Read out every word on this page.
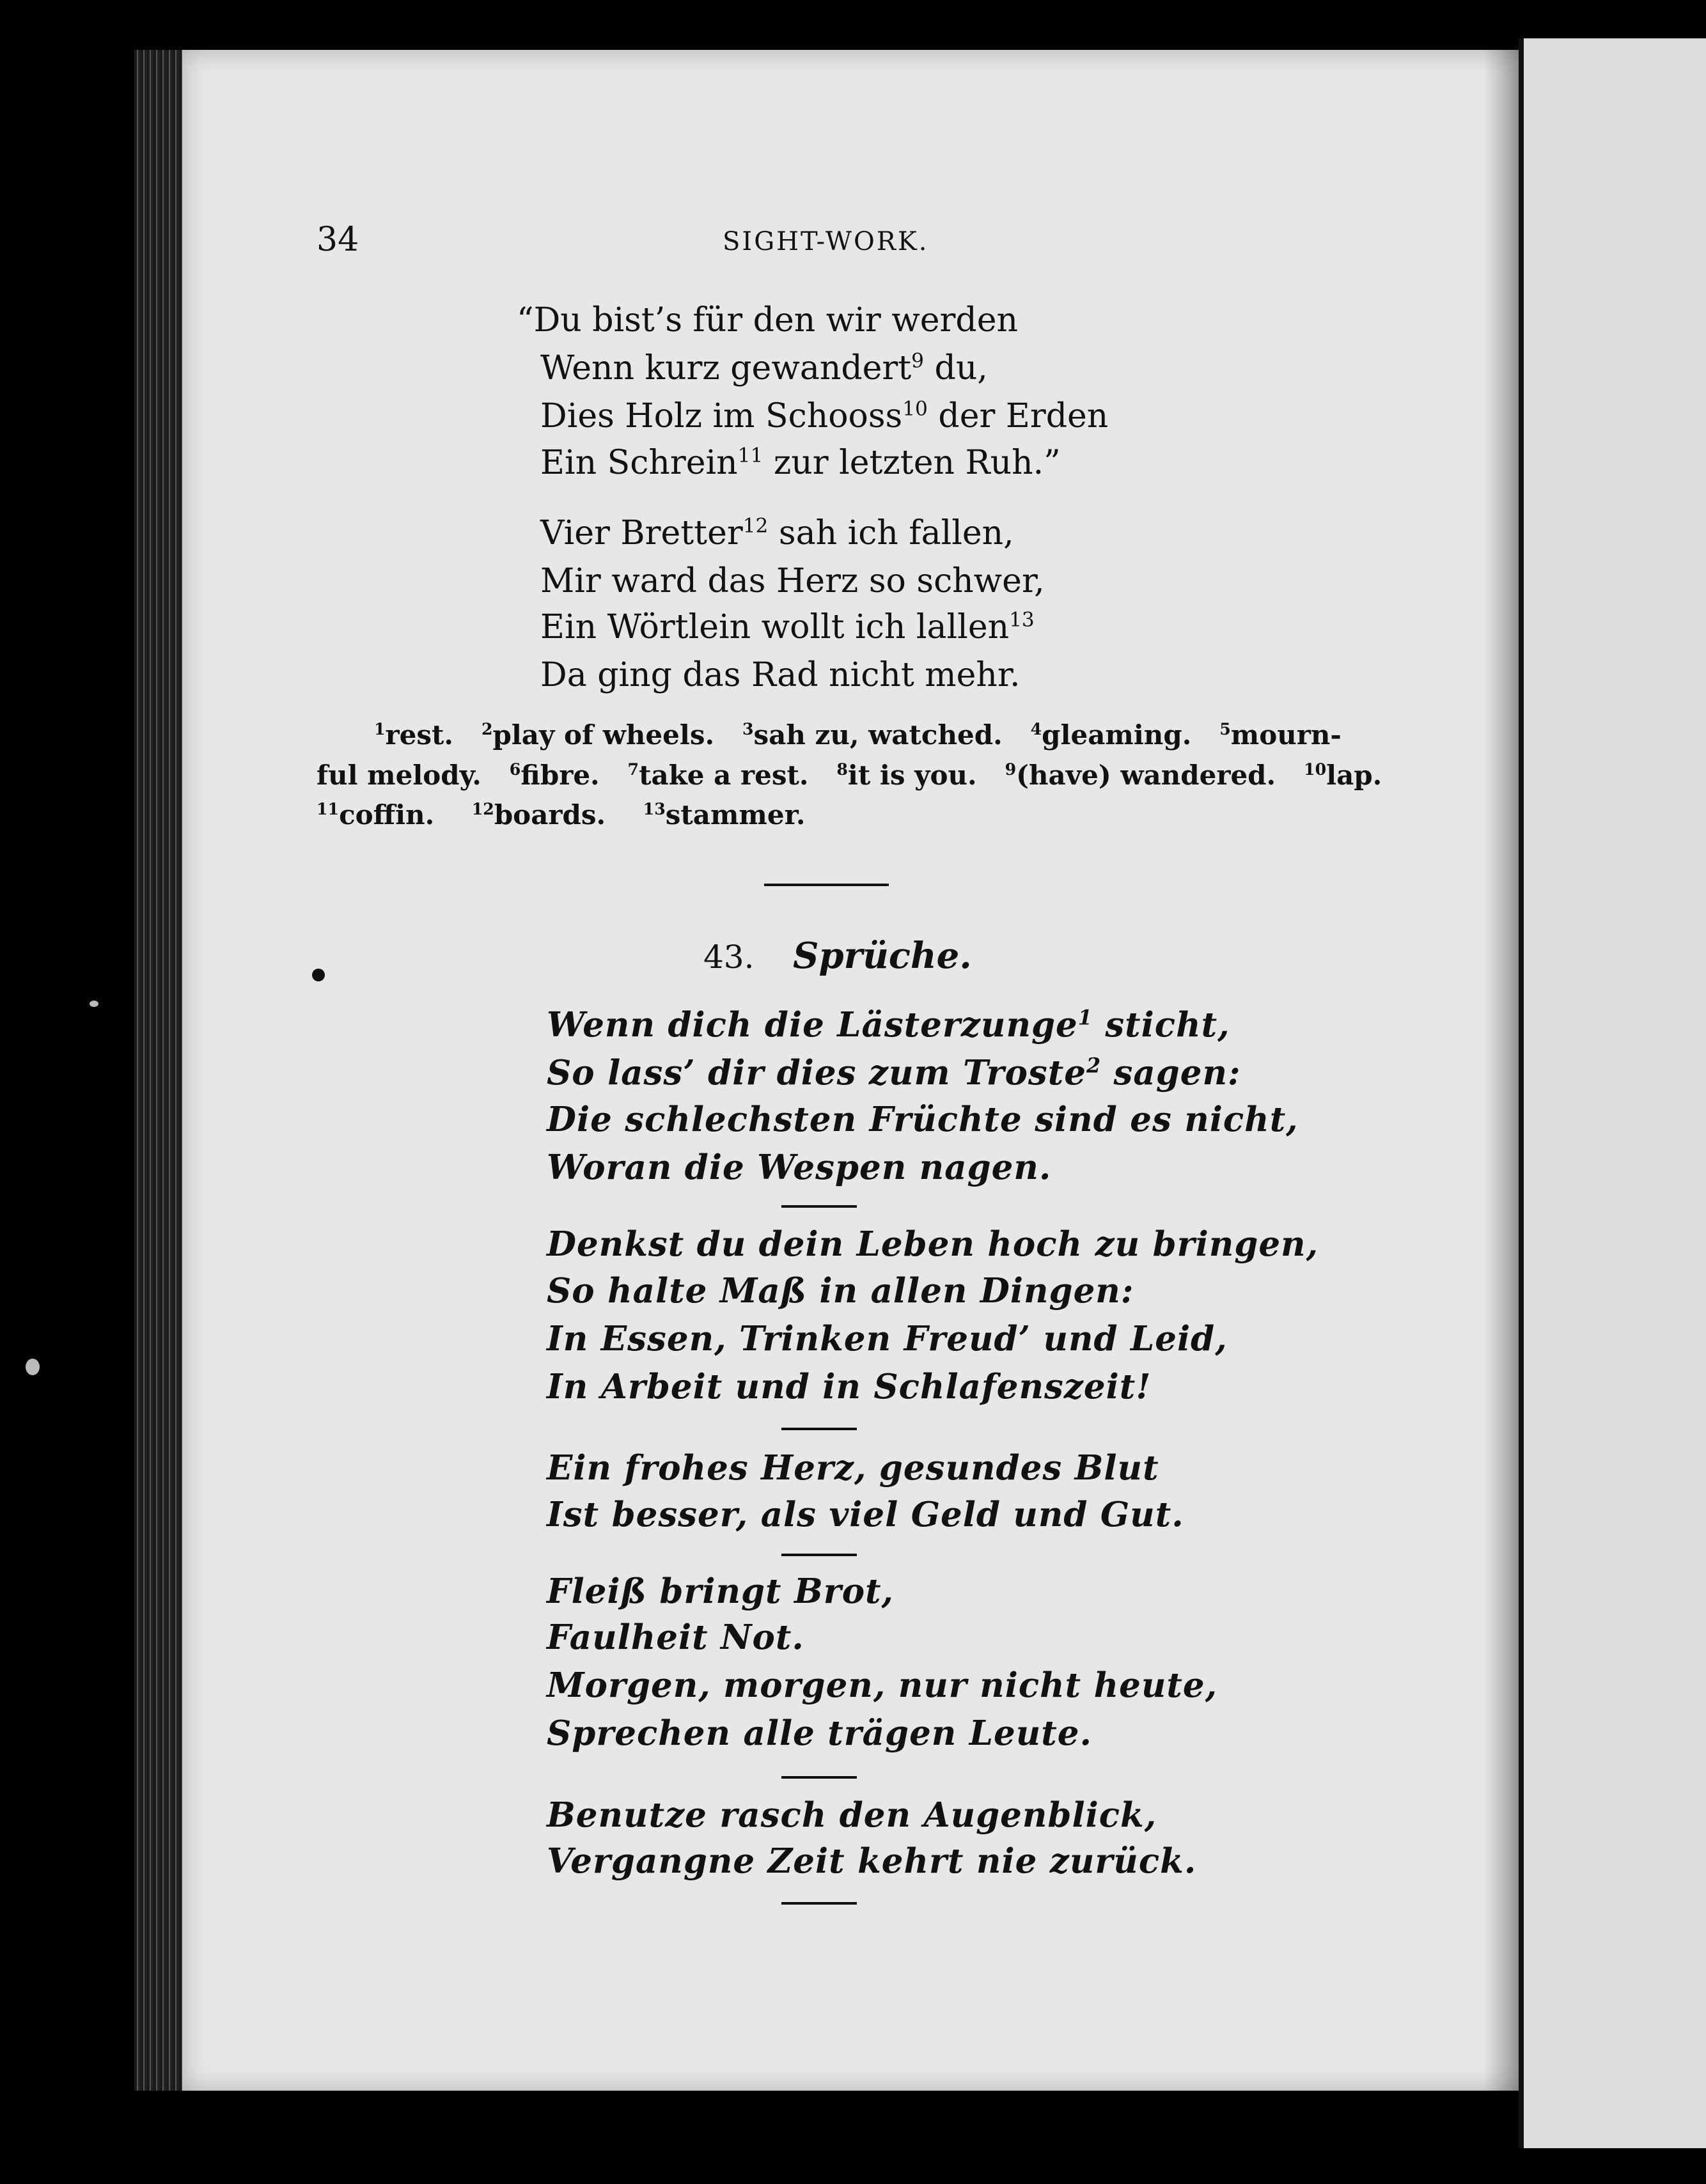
34	SIGHT-WORK.
“Du bist’s für den wir werden
Wenn kurz gewandert$^9$ du,
Dies Holz im Schooss$^{10}$ der Erden
Ein Schrein$^{11}$ zur letzten Ruh.”
Vier Bretter$^{12}$ sah ich fallen,
Mir ward das Herz so schwer,
Ein Wörtlein wollt ich lallen$^{13}$
Da ging das Rad nicht mehr.
$^1$rest. $^2$play of wheels. $^3$sah zu, watched. $^4$gleaming. $^5$mourn-
ful melody. $^6$fibre. $^7$take a rest. $^8$it is you. $^9$(have) wandered. $^{10}$lap.
$^{11}$coffin. $^{12}$boards. $^{13}$stammer.
43. Sprüche.
Wenn dich die Lästerzunge$^1$ sticht,
So lass’ dir dies zum Troste$^2$ sagen:
Die schlechsten Früchte sind es nicht,
Woran die Wespen nagen.
Denkst du dein Leben hoch zu bringen,
So halte Maß in allen Dingen:
In Essen, Trinken Freud’ und Leid,
In Arbeit und in Schlafenszeit!
Ein frohes Herz, gesundes Blut
Ist besser, als viel Geld und Gut.
Fleiß bringt Brot,
Faulheit Not.
Morgen, morgen, nur nicht heute,
Sprechen alle trägen Leute.
Benutze rasch den Augenblick,
Vergangne Zeit kehrt nie zurück.
